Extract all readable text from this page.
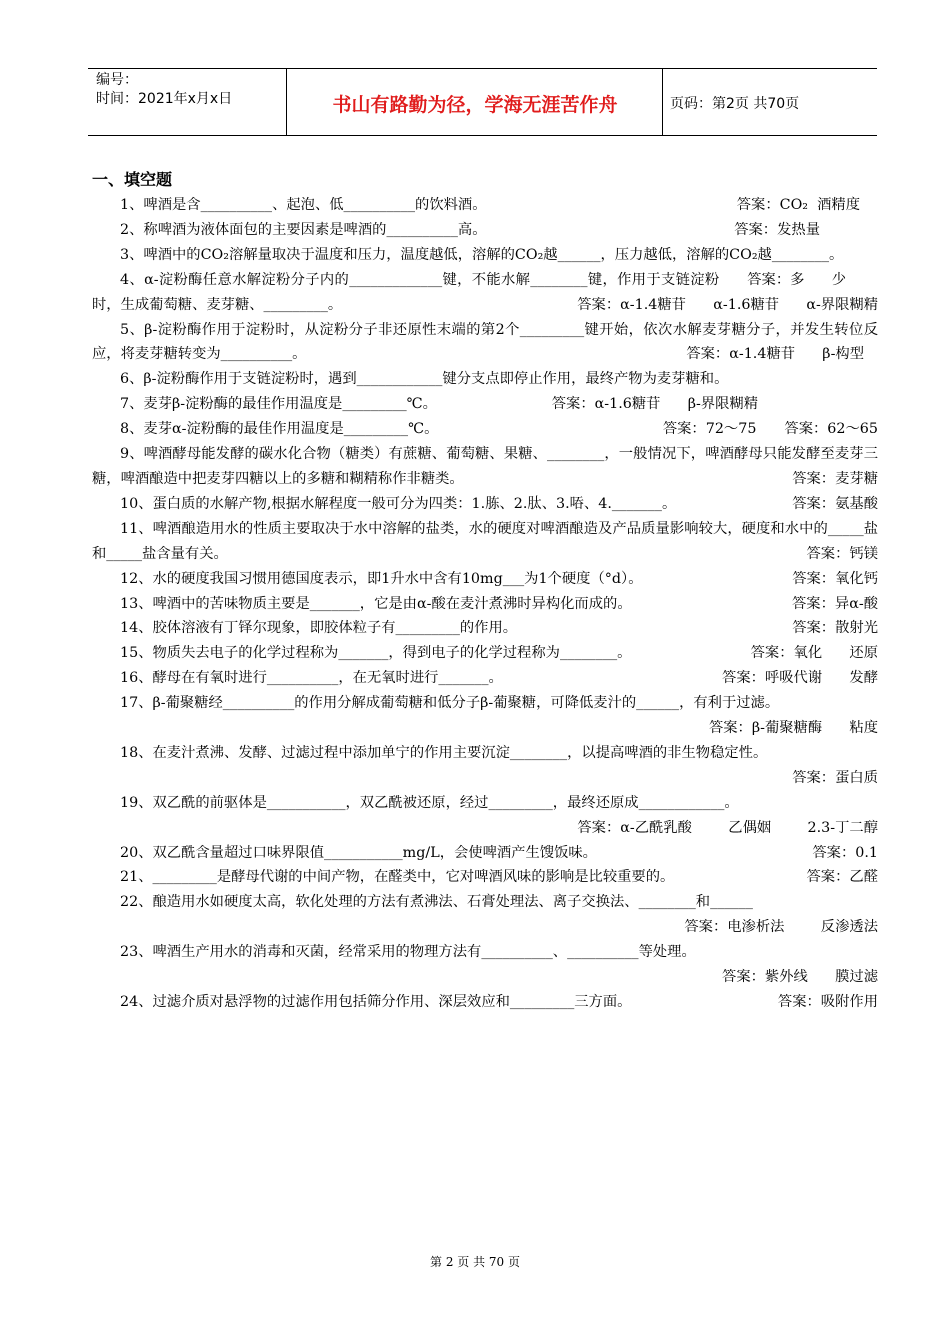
编号：
时间：2021年x月x日	书山有路勤为径，学海无涯苦作舟	页码：第2页 共70页
一、填空题

1、啤酒是含__________、起泡、低__________的饮料酒。	答案：CO₂  酒精度

2、称啤酒为液体面包的主要因素是啤酒的__________高。	答案：发热量

3、啤酒中的CO₂溶解量取决于温度和压力，温度越低，溶解的CO₂越______，压力越低，溶解的CO₂越________。
答案：多      少

4、α-淀粉酶任意水解淀粉分子内的_____________键，不能水解________键，作用于支链淀粉时，生成葡萄糖、麦芽糖、_________。	答案：α-1.4糖苷      α-1.6糖苷      α-界限糊精

5、β-淀粉酶作用于淀粉时，从淀粉分子非还原性末端的第2个_________键开始，依次水解麦芽糖分子，并发生转位反应，将麦芽糖转变为__________。	答案：α-1.4糖苷      β-构型

6、β-淀粉酶作用于支链淀粉时，遇到____________键分支点即停止作用，最终产物为麦芽糖和。
答案：α-1.6糖苷      β-界限糊精

7、麦芽β-淀粉酶的最佳作用温度是_________℃。
答案：62～65

8、麦芽α-淀粉酶的最佳作用温度是_________℃。	答案：72～75

9、啤酒酵母能发酵的碳水化合物（糖类）有蔗糖、葡萄糖、果糖、________，一般情况下，啤酒酵母只能发酵至麦芽三糖，啤酒酿造中把麦芽四糖以上的多糖和糊精称作非糖类。	答案：麦芽糖

10、蛋白质的水解产物,根据水解程度一般可分为四类：1.胨、2.肽、3.㖔、4._______。	答案：氨基酸

11、啤酒酿造用水的性质主要取决于水中溶解的盐类，水的硬度对啤酒酿造及产品质量影响较大，硬度和水中的_____盐和_____盐含量有关。	答案：钙镁

12、水的硬度我国习惯用德国度表示，即1升水中含有10mg___为1个硬度（°d）。	答案：氧化钙

13、啤酒中的苦味物质主要是_______，它是由α-酸在麦汁煮沸时异构化而成的。	答案：异α-酸

14、胶体溶液有丁铎尔现象，即胶体粒子有_________的作用。	答案：散射光

15、物质失去电子的化学过程称为_______，得到电子的化学过程称为________。	答案：氧化      还原

16、酵母在有氧时进行__________，在无氧时进行_______。	答案：呼吸代谢      发酵

17、β-葡聚糖经__________的作用分解成葡萄糖和低分子β-葡聚糖，可降低麦汁的______，有利于过滤。

答案：β-葡聚糖酶      粘度

18、在麦汁煮沸、发酵、过滤过程中添加单宁的作用主要沉淀________，以提高啤酒的非生物稳定性。

答案：蛋白质

19、双乙酰的前驱体是___________，双乙酰被还原，经过_________，最终还原成____________。

答案：α-乙酰乳酸        乙偶姻        2.3-丁二醇

20、双乙酰含量超过口味界限值___________mg/L，会使啤酒产生馊饭味。	答案：0.1

21、_________是酵母代谢的中间产物，在醛类中，它对啤酒风味的影响是比较重要的。	答案：乙醛

22、酿造用水如硬度太高，软化处理的方法有煮沸法、石膏处理法、离子交换法、________和______

答案：电渗析法        反渗透法

23、啤酒生产用水的消毒和灭菌，经常采用的物理方法有__________、__________等处理。

答案：紫外线      膜过滤

24、过滤介质对悬浮物的过滤作用包括筛分作用、深层效应和_________三方面。	答案：吸附作用

第 2 页 共 70 页
